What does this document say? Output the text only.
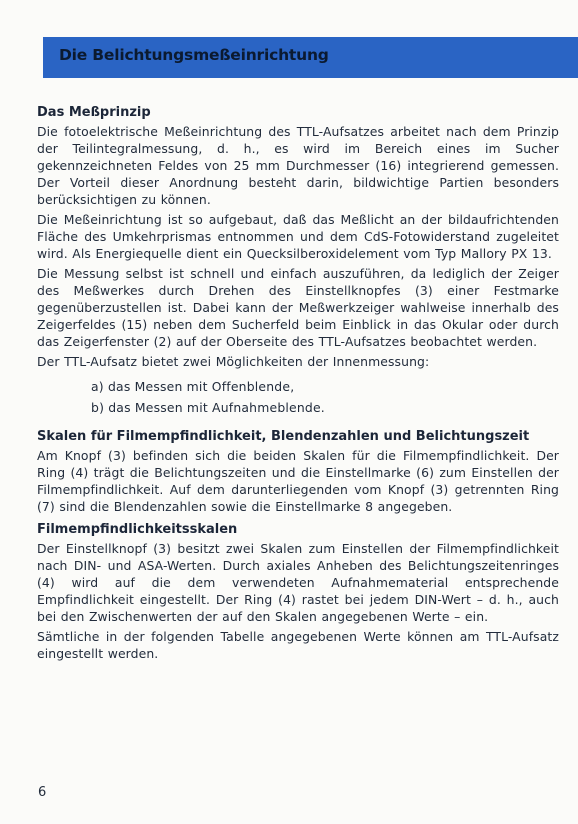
Die Belichtungsmeßeinrichtung
Das Meßprinzip

Die fotoelektrische Meßeinrichtung des TTL-Aufsatzes arbeitet nach dem Prinzip der Teilintegralmessung, d. h., es wird im Bereich eines im Sucher gekennzeichneten Feldes von 25 mm Durchmesser (16) integrierend gemessen. Der Vorteil dieser Anordnung besteht darin, bildwichtige Partien besonders berücksichtigen zu können.

Die Meßeinrichtung ist so aufgebaut, daß das Meßlicht an der bildaufrichtenden Fläche des Umkehrprismas entnommen und dem CdS-Fotowiderstand zugeleitet wird. Als Energiequelle dient ein Quecksilberoxidelement vom Typ Mallory PX 13.

Die Messung selbst ist schnell und einfach auszuführen, da lediglich der Zeiger des Meßwerkes durch Drehen des Einstellknopfes (3) einer Festmarke gegenüberzustellen ist. Dabei kann der Meßwerkzeiger wahlweise innerhalb des Zeigerfeldes (15) neben dem Sucherfeld beim Einblick in das Okular oder durch das Zeigerfenster (2) auf der Oberseite des TTL-Aufsatzes beobachtet werden.

Der TTL-Aufsatz bietet zwei Möglichkeiten der Innenmessung:

a) das Messen mit Offenblende,
b) das Messen mit Aufnahmeblende.
Skalen für Filmempfindlichkeit, Blendenzahlen und Belichtungszeit

Am Knopf (3) befinden sich die beiden Skalen für die Filmempfindlichkeit. Der Ring (4) trägt die Belichtungszeiten und die Einstellmarke (6) zum Einstellen der Filmempfindlichkeit. Auf dem darunterliegenden vom Knopf (3) getrennten Ring (7) sind die Blendenzahlen sowie die Einstellmarke 8 angegeben.

Filmempfindlichkeitsskalen

Der Einstellknopf (3) besitzt zwei Skalen zum Einstellen der Filmempfindlichkeit nach DIN- und ASA-Werten. Durch axiales Anheben des Belichtungszeitenringes (4) wird auf die dem verwendeten Aufnahmematerial entsprechende Empfindlichkeit eingestellt. Der Ring (4) rastet bei jedem DIN-Wert – d. h., auch bei den Zwischenwerten der auf den Skalen angegebenen Werte – ein.

Sämtliche in der folgenden Tabelle angegebenen Werte können am TTL-Aufsatz eingestellt werden.

6
